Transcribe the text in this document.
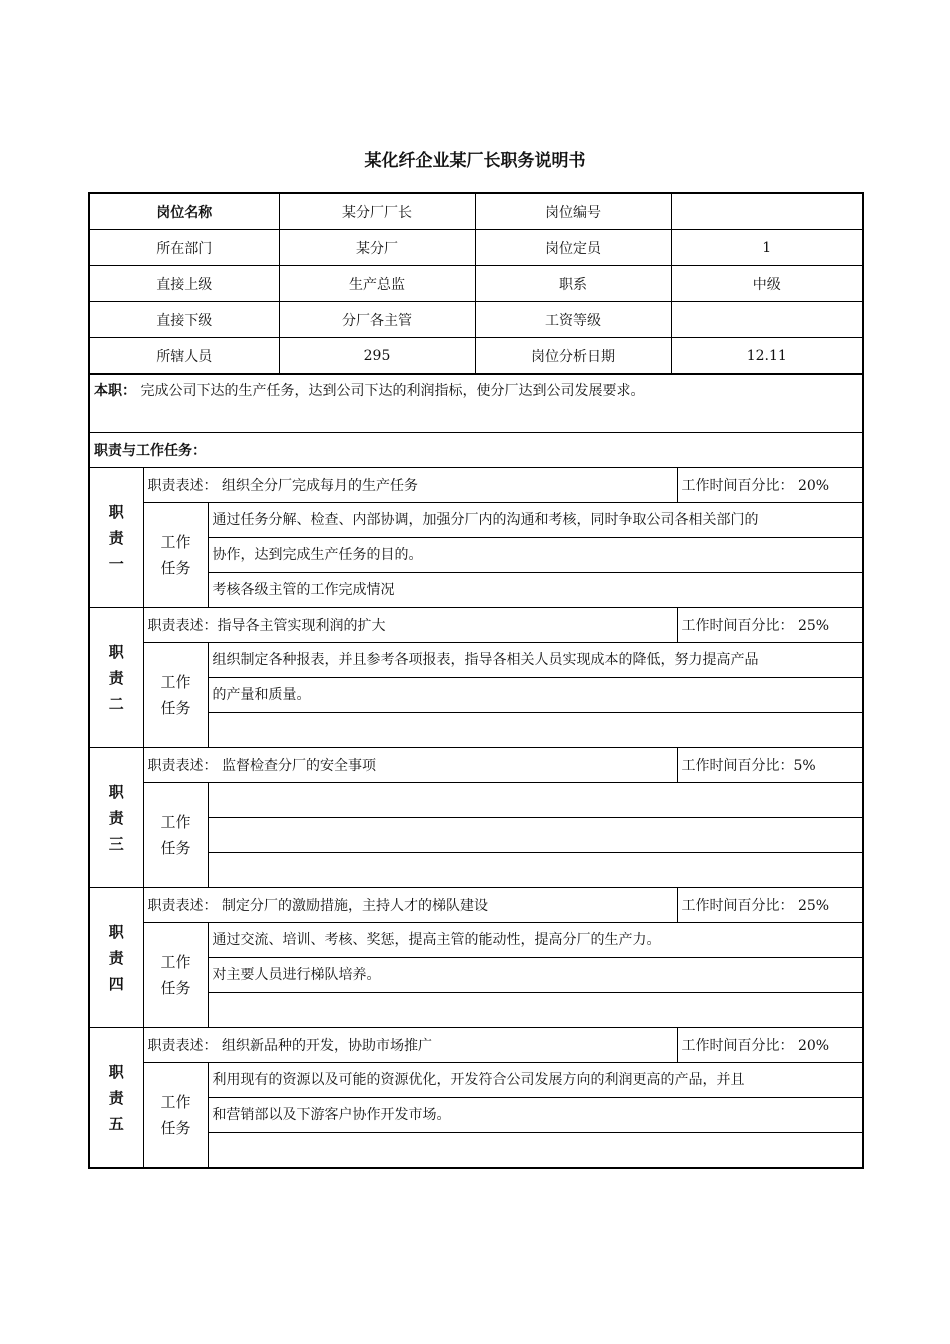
某化纤企业某厂长职务说明书
岗位名称	某分厂厂长	岗位编号	
所在部门	某分厂	岗位定员	1
直接上级	生产总监	职系	中级
直接下级	分厂各主管	工资等级	
所辖人员	295	岗位分析日期	12.11
本职： 完成公司下达的生产任务，达到公司下达的利润指标，使分厂达到公司发展要求。			
职责与工作任务：			

职
责
一	职责表述： 组织全分厂完成每月的生产任务		工作时间百分比： 20%

	工作
任务	通过任务分解、检查、内部协调，加强分厂内的沟通和考核，同时争取公司各相关部门的	
		协作，达到完成生产任务的目的。	
		考核各级主管的工作完成情况	

职
责
二	职责表述：指导各主管实现利润的扩大		工作时间百分比： 25%

	工作
任务	组织制定各种报表，并且参考各项报表，指导各相关人员实现成本的降低，努力提高产品	
		的产量和质量。	

职
责
三	职责表述： 监督检查分厂的安全事项		工作时间百分比：5%

	工作
任务		

职
责
四	职责表述： 制定分厂的激励措施，主持人才的梯队建设		工作时间百分比： 25%

	工作
任务	通过交流、培训、考核、奖惩，提高主管的能动性，提高分厂的生产力。	
		对主要人员进行梯队培养。	

职
责
五	职责表述： 组织新品种的开发，协助市场推广		工作时间百分比： 20%

	工作
任务	利用现有的资源以及可能的资源优化，开发符合公司发展方向的利润更高的产品，并且	
		和营销部以及下游客户协作开发市场。	
